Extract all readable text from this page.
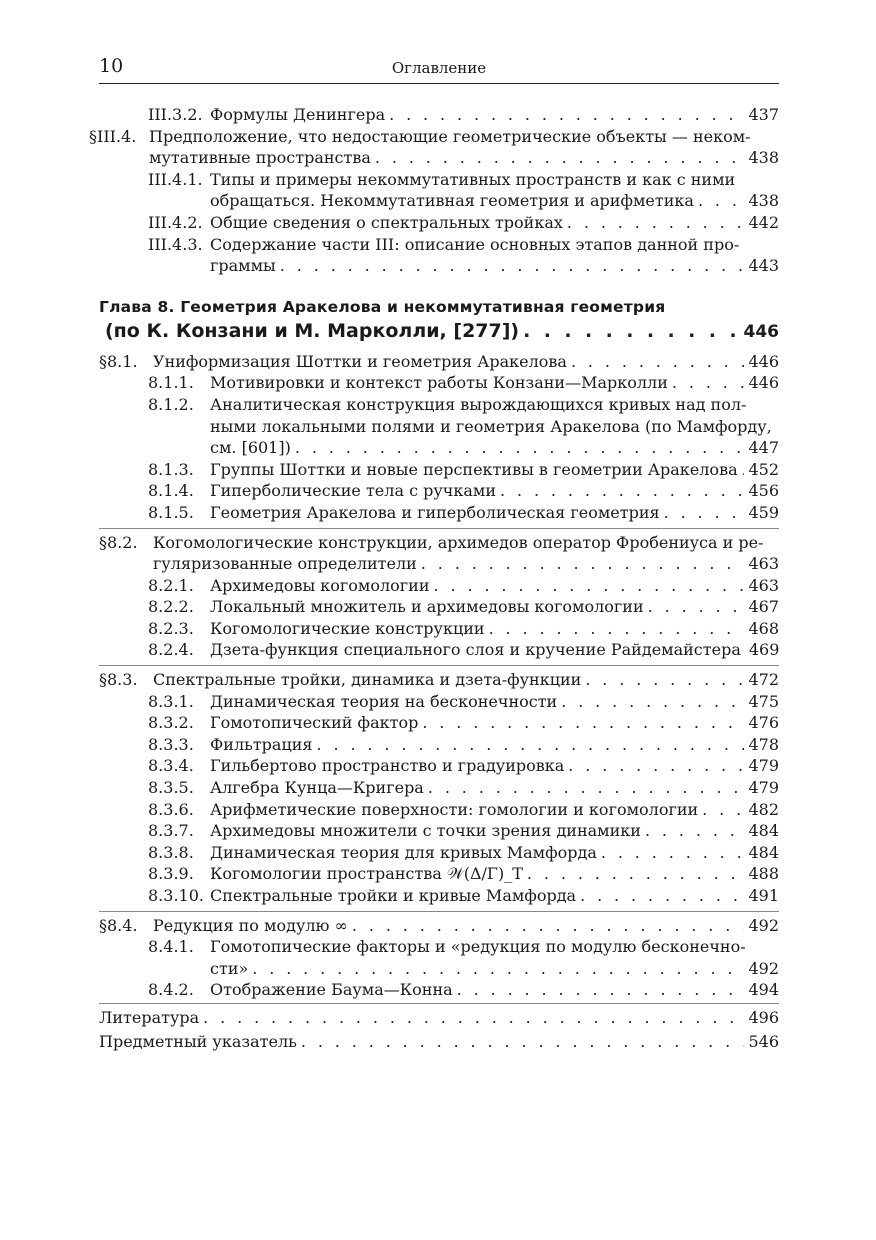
10	Оглавление
III.3.2. Формулы Денингера . . .	437
§III.4. Предположение, что недостающие геометрические объекты — неком-
мутативные пространства . . .	438
III.4.1. Типы и примеры некоммутативных пространств и как с ними
обращаться. Некоммутативная геометрия и арифметика . . .	438
III.4.2. Общие сведения о спектральных тройках . . .	442
III.4.3. Содержание части III: описание основных этапов данной про-
граммы . . .	443
Глава 8. Геометрия Аракелова и некоммутативная геометрия
(по К. Конзани и М. Марколли, [277]) . . .	446
§8.1. Униформизация Шоттки и геометрия Аракелова . . .	446
8.1.1.	Мотивировки и контекст работы Конзани—Марколли . . .	446
8.1.2.	Аналитическая конструкция вырождающихся кривых над пол-
ными локальными полями и геометрия Аракелова (по Мамфорду,
см. [601]) . . .	447
8.1.3.	Группы Шоттки и новые перспективы в геометрии Аракелова . . . 452
8.1.4.	Гиперболические тела с ручками . . .	456
8.1.5.	Геометрия Аракелова и гиперболическая геометрия . . .	459
§8.2. Когомологические конструкции, архимедов оператор Фробениуса и ре-
гуляризованные определители . . .	463
8.2.1.	Архимедовы когомологии . . .	463
8.2.2.	Локальный множитель и архимедовы когомологии . . .	467
8.2.3.	Когомологические конструкции . . .	468
8.2.4.	Дзета-функция специального слоя и кручение Райдемайстера 469
§8.3. Спектральные тройки, динамика и дзета-функции . . .	472
8.3.1.	Динамическая теория на бесконечности . . .	475
8.3.2.	Гомотопический фактор . . .	476
8.3.3.	Фильтрация . . .	478
8.3.4.	Гильбертово пространство и градуировка . . .	479
8.3.5.	Алгебра Кунца—Кригера . . .	479
8.3.6.	Арифметические поверхности: гомологии и когомологии . . .	482
8.3.7.	Архимедовы множители с точки зрения динамики . . .	484
8.3.8.	Динамическая теория для кривых Мамфорда . . .	484
8.3.9.	Когомологии пространства 𝒲(Δ/Γ)_T . . .	488
8.3.10. Спектральные тройки и кривые Мамфорда . . .	491
§8.4. Редукция по модулю ∞ . . .	492
8.4.1.	Гомотопические факторы и «редукция по модулю бесконечно-
сти» . . .	492
8.4.2.	Отображение Баума—Конна . . .	494
Литература . . .	496
Предметный указатель . . .	546
